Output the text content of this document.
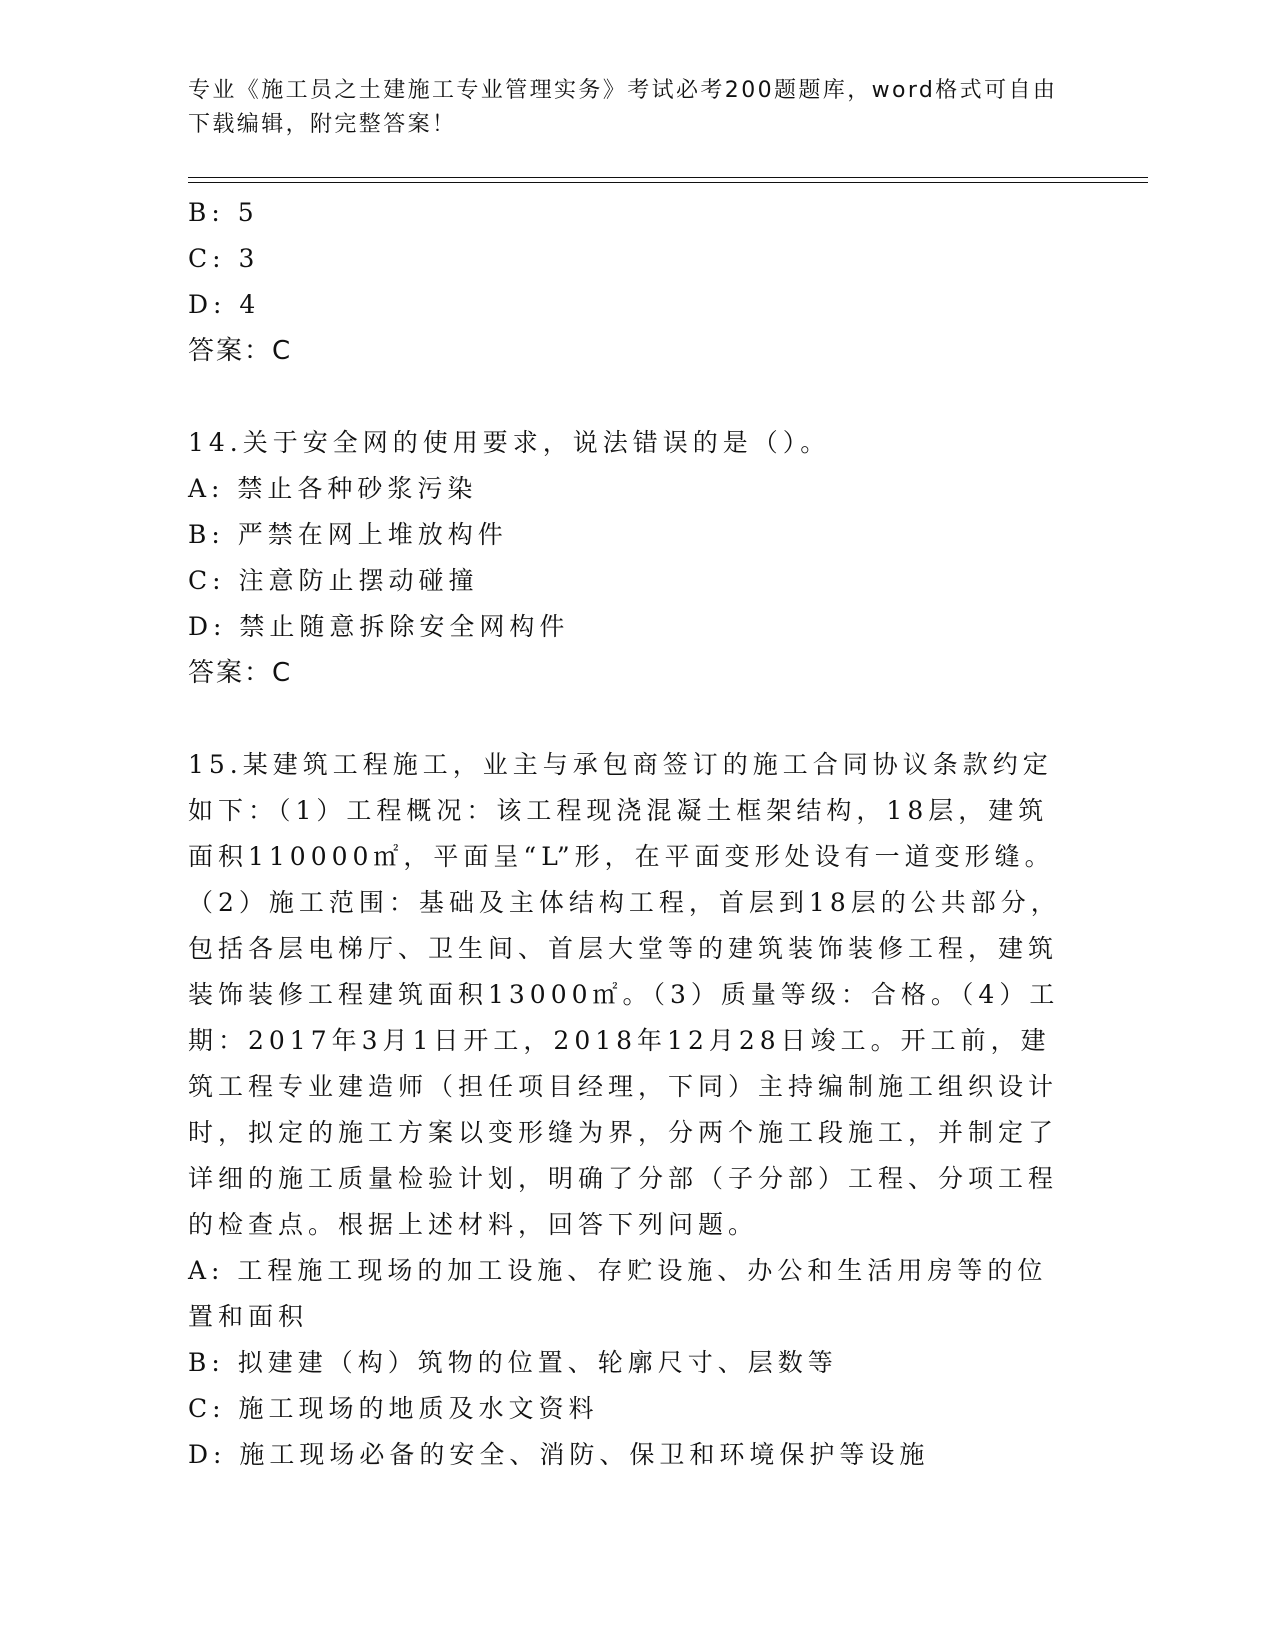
专业《施工员之土建施工专业管理实务》考试必考200题题库，word格式可自由下载编辑，附完整答案！
B: 5
C: 3
D: 4
答案：C
14.关于安全网的使用要求，说法错误的是（）。
A: 禁止各种砂浆污染
B: 严禁在网上堆放构件
C: 注意防止摆动碰撞
D: 禁止随意拆除安全网构件
答案：C
15.某建筑工程施工，业主与承包商签订的施工合同协议条款约定如下：（1）工程概况：该工程现浇混凝土框架结构，18层，建筑面积110000㎡，平面呈“L”形，在平面变形处设有一道变形缝。（2）施工范围：基础及主体结构工程，首层到18层的公共部分，包括各层电梯厅、卫生间、首层大堂等的建筑装饰装修工程，建筑装饰装修工程建筑面积13000㎡。（3）质量等级：合格。（4）工期：2017年3月1日开工，2018年12月28日竣工。开工前，建筑工程专业建造师（担任项目经理，下同）主持编制施工组织设计时，拟定的施工方案以变形缝为界，分两个施工段施工，并制定了详细的施工质量检验计划，明确了分部（子分部）工程、分项工程的检查点。根据上述材料，回答下列问题。
A: 工程施工现场的加工设施、存贮设施、办公和生活用房等的位置和面积
B: 拟建建（构）筑物的位置、轮廓尺寸、层数等
C: 施工现场的地质及水文资料
D: 施工现场必备的安全、消防、保卫和环境保护等设施
